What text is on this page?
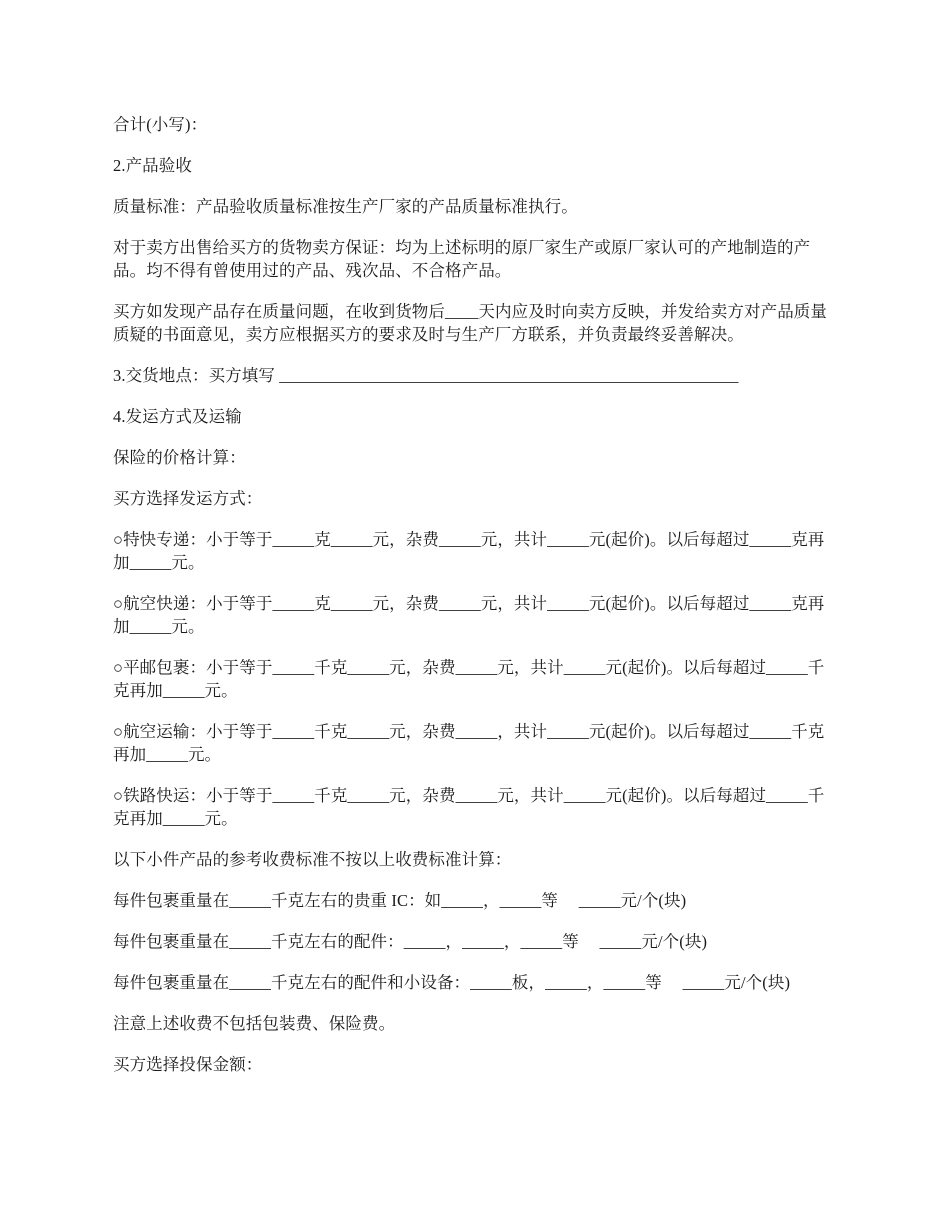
合计(小写)：

2.产品验收

质量标准：产品验收质量标准按生产厂家的产品质量标准执行。

对于卖方出售给买方的货物卖方保证：均为上述标明的原厂家生产或原厂家认可的产地制造的产品。均不得有曾使用过的产品、残次品、不合格产品。

买方如发现产品存在质量问题，在收到货物后____天内应及时向卖方反映，并发给卖方对产品质量质疑的书面意见，卖方应根据买方的要求及时与生产厂方联系，并负责最终妥善解决。

3.交货地点：买方填写 _______________________________________________________

4.发运方式及运输

保险的价格计算：

买方选择发运方式：

○特快专递：小于等于_____克_____元，杂费_____元，共计_____元(起价)。以后每超过_____克再加_____元。

○航空快递：小于等于_____克_____元，杂费_____元，共计_____元(起价)。以后每超过_____克再加_____元。

○平邮包裹：小于等于_____千克_____元，杂费_____元，共计_____元(起价)。以后每超过_____千克再加_____元。

○航空运输：小于等于_____千克_____元，杂费_____，共计_____元(起价)。以后每超过_____千克再加_____元。

○铁路快运：小于等于_____千克_____元，杂费_____元，共计_____元(起价)。以后每超过_____千克再加_____元。

以下小件产品的参考收费标准不按以上收费标准计算：

每件包裹重量在_____千克左右的贵重 IC：如_____，_____等　 _____元/个(块)

每件包裹重量在_____千克左右的配件：_____，_____，_____等　 _____元/个(块)

每件包裹重量在_____千克左右的配件和小设备：_____板，_____，_____等　 _____元/个(块)

注意上述收费不包括包装费、保险费。

买方选择投保金额：
